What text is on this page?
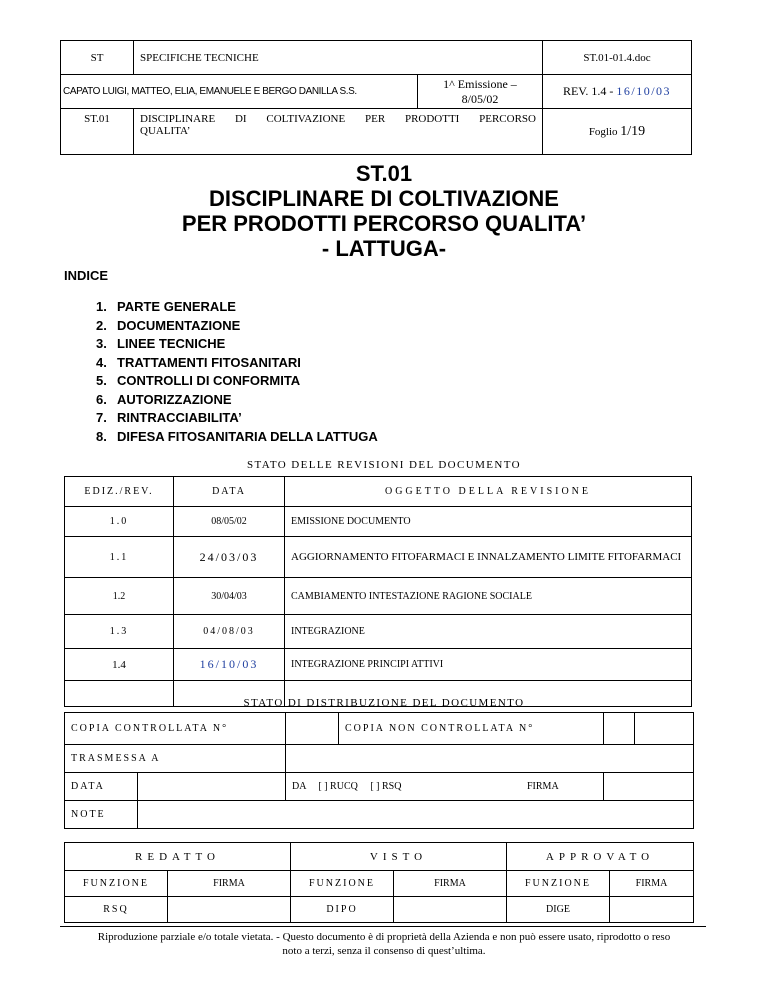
ST	SPECIFICHE TECNICHE		ST.01-01.4.doc
CAPATO LUIGI, MATTEO, ELIA, EMANUELE E BERGO DANILLA S.S.		1^ Emissione – 8/05/02	REV. 1.4 - 16/10/03
ST.01	DISCIPLINARE DI COLTIVAZIONE PER PRODOTTI PERCORSO QUALITA’		Foglio 1/19
ST.01
DISCIPLINARE DI COLTIVAZIONE
PER PRODOTTI PERCORSO QUALITA’
- LATTUGA-
INDICE
1. PARTE GENERALE
2. DOCUMENTAZIONE
3. LINEE TECNICHE
4. TRATTAMENTI FITOSANITARI
5. CONTROLLI DI CONFORMITA
6. AUTORIZZAZIONE
7. RINTRACCIABILITA’
8. DIFESA FITOSANITARIA DELLA LATTUGA
STATO DELLE REVISIONI DEL DOCUMENTO
EDIZ./REV.	DATA	OGGETTO DELLA REVISIONE
1.0	08/05/02	EMISSIONE DOCUMENTO
1.1	24/03/03	AGGIORNAMENTO FITOFARMACI E INNALZAMENTO LIMITE FITOFARMACI
1.2	30/04/03	CAMBIAMENTO INTESTAZIONE RAGIONE SOCIALE
1.3	04/08/03	INTEGRAZIONE
1.4	16/10/03	INTEGRAZIONE PRINCIPI ATTIVI

STATO DI DISTRIBUZIONE DEL DOCUMENTO
COPIA CONTROLLATA N°			COPIA NON CONTROLLATA N°			
TRASMESSA A						
DATA		DA [ ] RUCQ [ ] RSQ		FIRMA		
NOTE						
REDATTO		VISTO		APPROVATO	
FUNZIONE	FIRMA	FUNZIONE	FIRMA	FUNZIONE	FIRMA
RSQ		DIPO		DIGE	
Riproduzione parziale e/o totale vietata. - Questo documento è di proprietà della Azienda e non può essere usato, riprodotto o reso
noto a terzi, senza il consenso di quest’ultima.
